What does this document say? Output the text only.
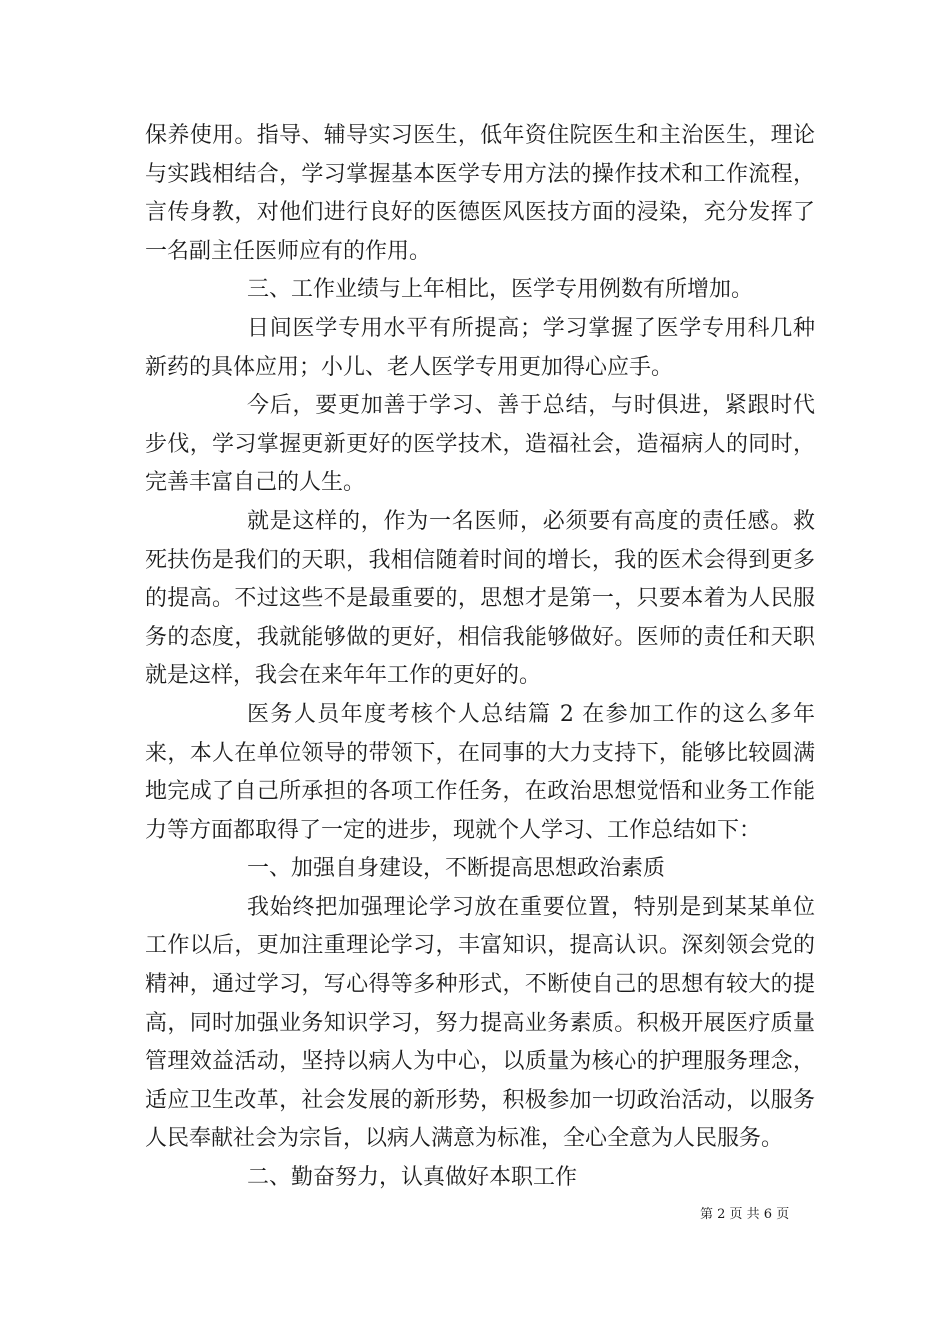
保养使用。指导、辅导实习医生，低年资住院医生和主治医生，理论与实践相结合，学习掌握基本医学专用方法的操作技术和工作流程，言传身教，对他们进行良好的医德医风医技方面的浸染，充分发挥了一名副主任医师应有的作用。

三、工作业绩与上年相比，医学专用例数有所增加。

日间医学专用水平有所提高；学习掌握了医学专用科几种新药的具体应用；小儿、老人医学专用更加得心应手。

今后，要更加善于学习、善于总结，与时俱进，紧跟时代步伐，学习掌握更新更好的医学技术，造福社会，造福病人的同时，完善丰富自己的人生。

就是这样的，作为一名医师，必须要有高度的责任感。救死扶伤是我们的天职，我相信随着时间的增长，我的医术会得到更多的提高。不过这些不是最重要的，思想才是第一，只要本着为人民服务的态度，我就能够做的更好，相信我能够做好。医师的责任和天职就是这样，我会在来年年工作的更好的。

医务人员年度考核个人总结篇 2 在参加工作的这么多年来，本人在单位领导的带领下，在同事的大力支持下，能够比较圆满地完成了自己所承担的各项工作任务，在政治思想觉悟和业务工作能力等方面都取得了一定的进步，现就个人学习、工作总结如下：

一、加强自身建设，不断提高思想政治素质

我始终把加强理论学习放在重要位置，特别是到某某单位工作以后，更加注重理论学习，丰富知识，提高认识。深刻领会党的精神，通过学习，写心得等多种形式，不断使自己的思想有较大的提高，同时加强业务知识学习，努力提高业务素质。积极开展医疗质量管理效益活动，坚持以病人为中心，以质量为核心的护理服务理念，适应卫生改革，社会发展的新形势，积极参加一切政治活动，以服务人民奉献社会为宗旨，以病人满意为标准，全心全意为人民服务。

二、勤奋努力，认真做好本职工作

第 2 页 共 6 页
